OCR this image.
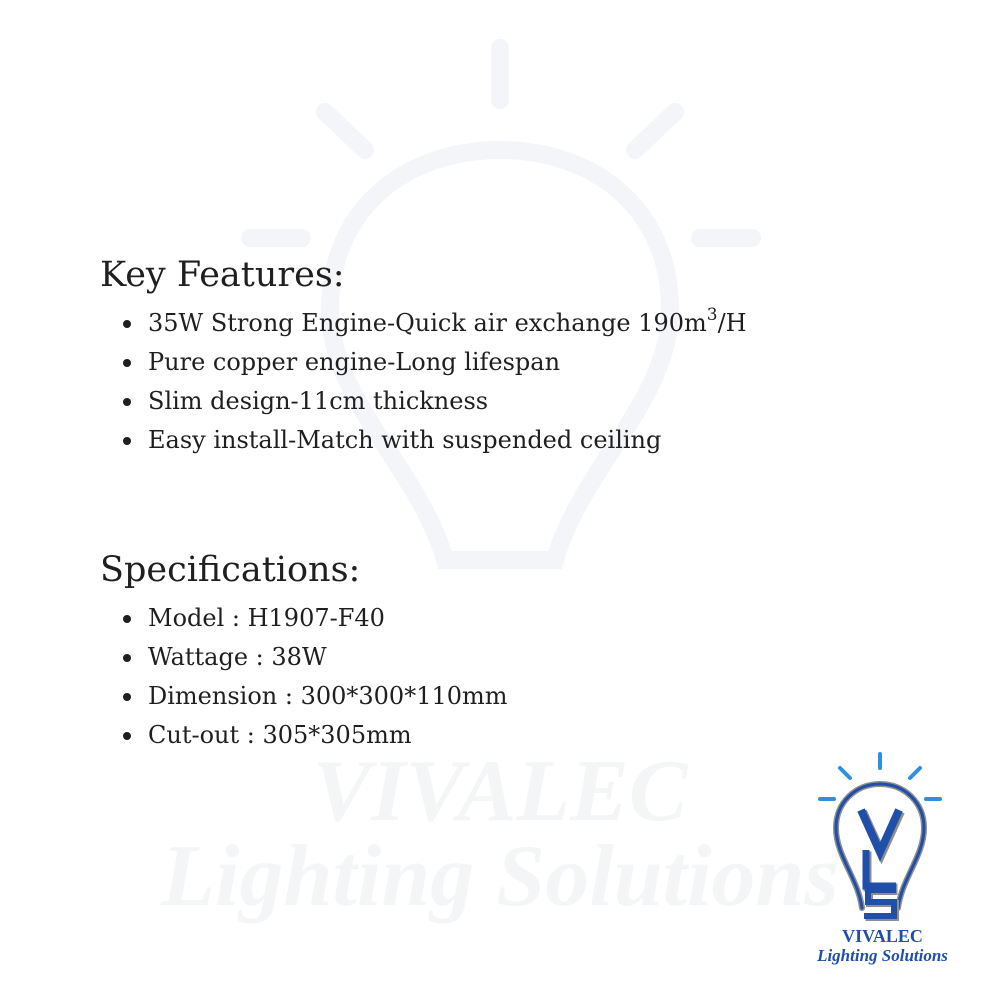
VIVALEC
Lighting Solutions
Key Features:
35W Strong Engine-Quick air exchange $190m^3/H$
Pure copper engine-Long lifespan
Slim design-11cm thickness
Easy install-Match with suspended ceiling
Specifications:
Model : H1907-F40
Wattage : 38W
Dimension : 300*300*110mm
Cut-out : 305*305mm
VIVALEC
Lighting Solutions
